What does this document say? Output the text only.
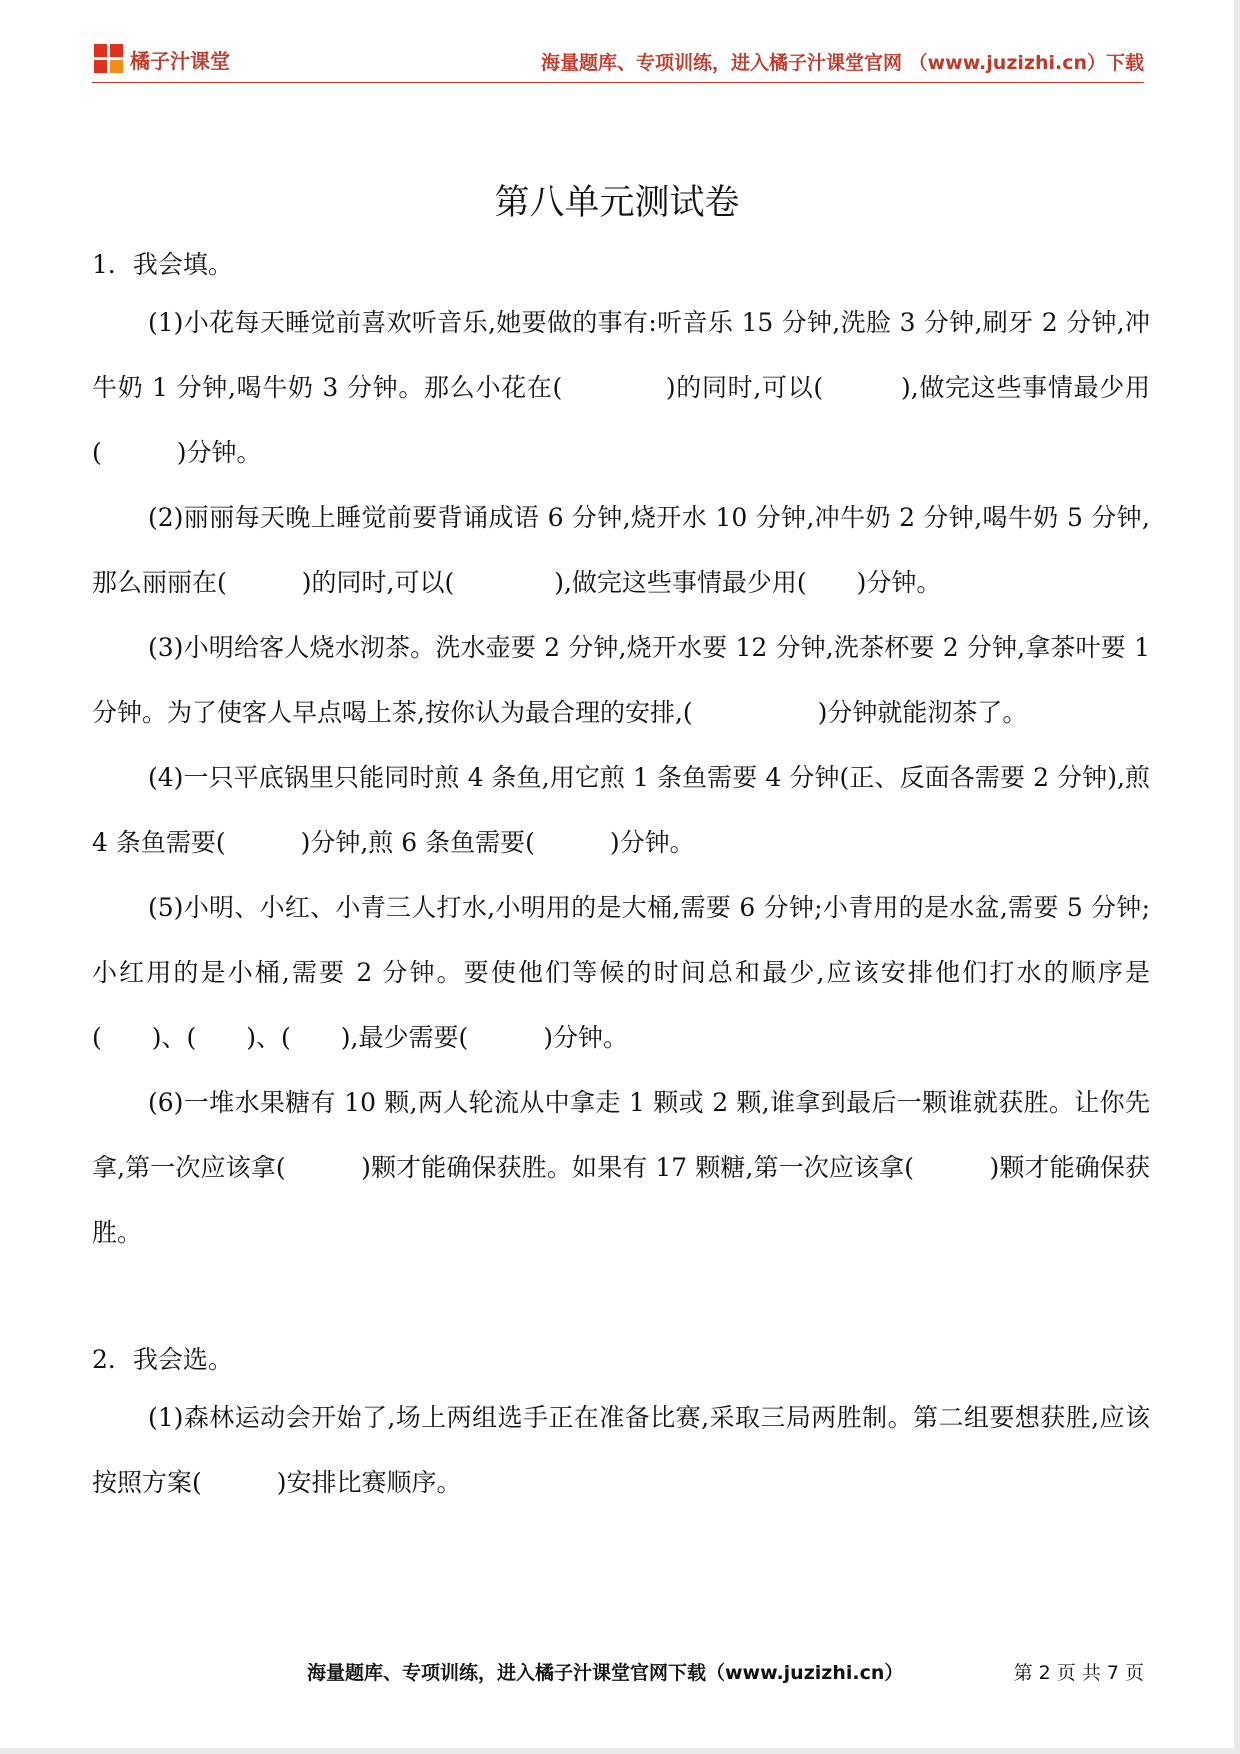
橘子汁课堂	海量题库、专项训练，进入橘子汁课堂官网 （www.juzizhi.cn）下载
第八单元测试卷

1．我会填。

(1)小花每天睡觉前喜欢听音乐,她要做的事有:听音乐 15 分钟,洗脸 3 分钟,刷牙 2 分钟,冲牛奶 1 分钟,喝牛奶 3 分钟。那么小花在(　　　　)的同时,可以(　　　),做完这些事情最少用(　　　)分钟。

(2)丽丽每天晚上睡觉前要背诵成语 6 分钟,烧开水 10 分钟,冲牛奶 2 分钟,喝牛奶 5 分钟,那么丽丽在(　　　)的同时,可以(　　　　),做完这些事情最少用(　　)分钟。

(3)小明给客人烧水沏茶。洗水壶要 2 分钟,烧开水要 12 分钟,洗茶杯要 2 分钟,拿茶叶要 1 分钟。为了使客人早点喝上茶,按你认为最合理的安排,(　　　　　)分钟就能沏茶了。

(4)一只平底锅里只能同时煎 4 条鱼,用它煎 1 条鱼需要 4 分钟(正、反面各需要 2 分钟),煎 4 条鱼需要(　　　)分钟,煎 6 条鱼需要(　　　)分钟。

(5)小明、小红、小青三人打水,小明用的是大桶,需要 6 分钟;小青用的是水盆,需要 5 分钟;小红用的是小桶,需要 2 分钟。要使他们等候的时间总和最少,应该安排他们打水的顺序是(　　)、(　　)、(　　),最少需要(　　　)分钟。

(6)一堆水果糖有 10 颗,两人轮流从中拿走 1 颗或 2 颗,谁拿到最后一颗谁就获胜。让你先拿,第一次应该拿(　　　)颗才能确保获胜。如果有 17 颗糖,第一次应该拿(　　　)颗才能确保获胜。

2．我会选。

(1)森林运动会开始了,场上两组选手正在准备比赛,采取三局两胜制。第二组要想获胜,应该按照方案(　　　)安排比赛顺序。

海量题库、专项训练，进入橘子汁课堂官网下载（www.juzizhi.cn）	第 2 页 共 7 页
